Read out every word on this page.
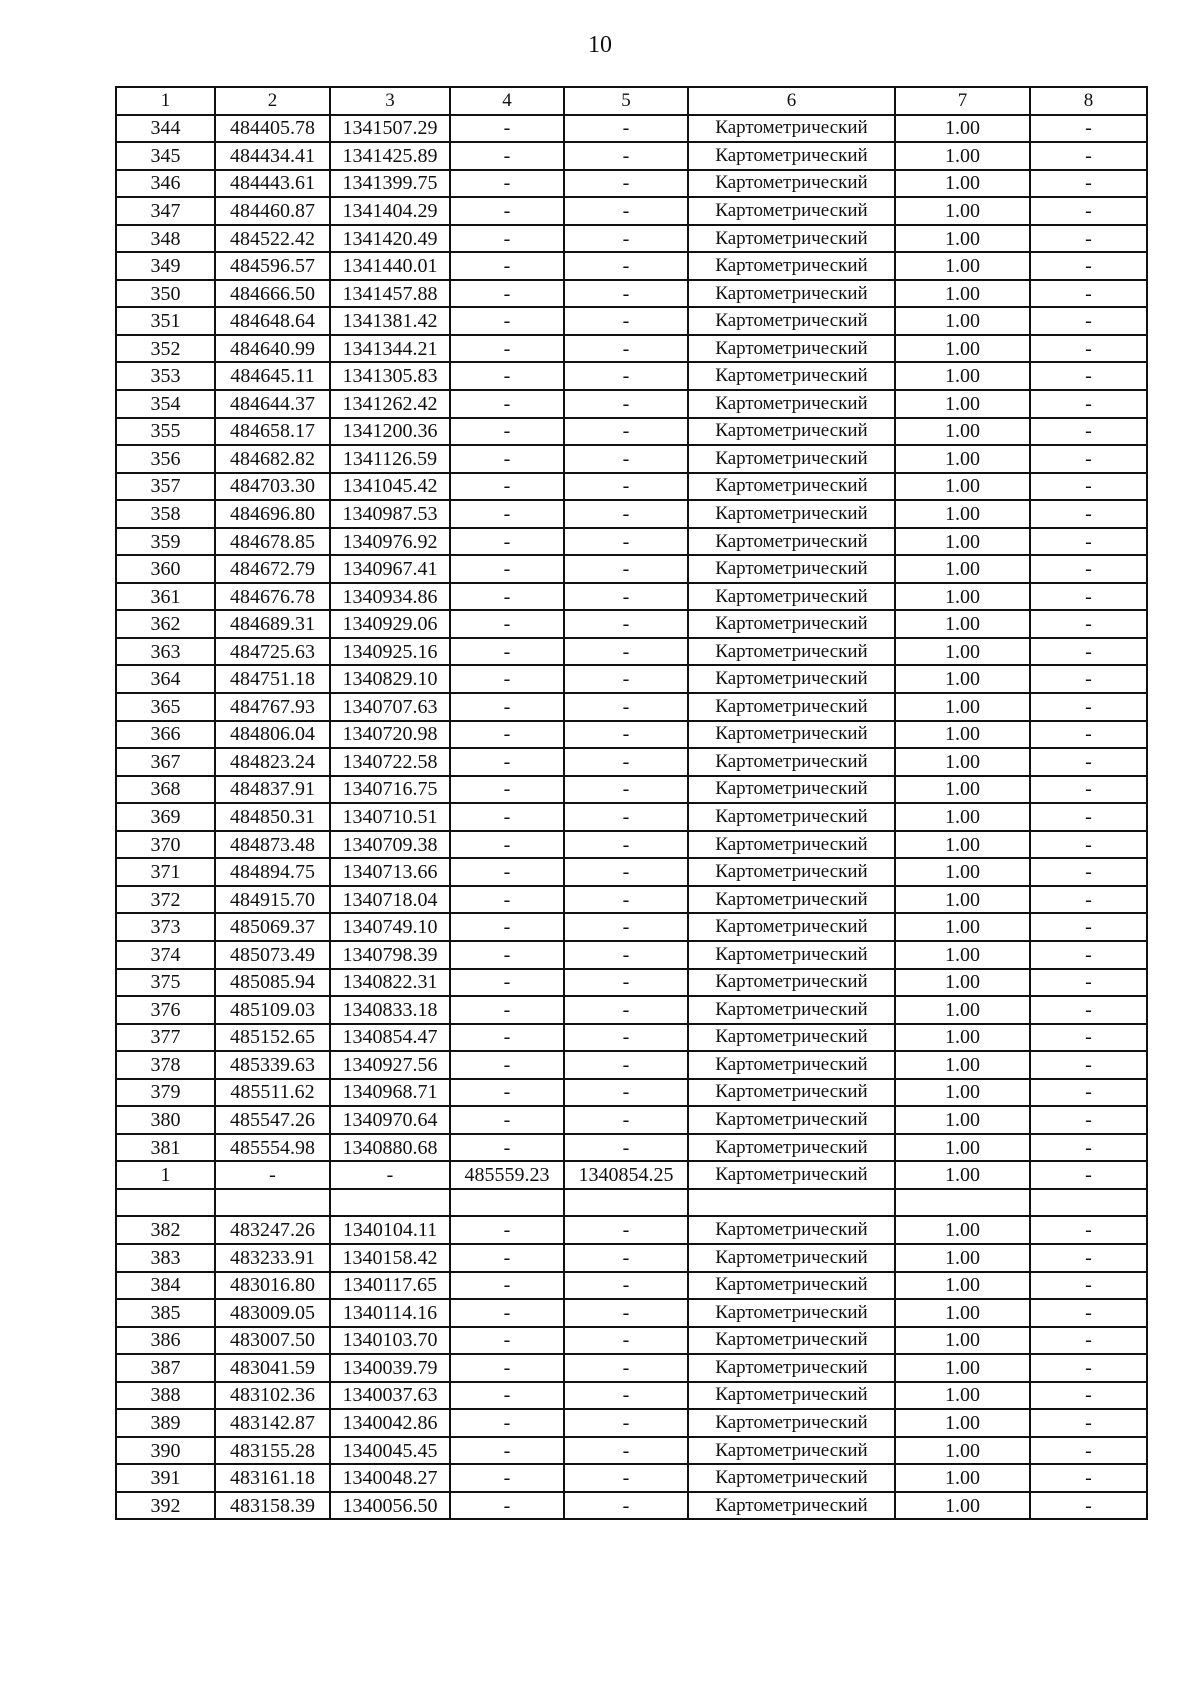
10
1	2	3	4	5	6	7	8
344	484405.78	1341507.29	-	-	Картометрический	1.00	-
345	484434.41	1341425.89	-	-	Картометрический	1.00	-
346	484443.61	1341399.75	-	-	Картометрический	1.00	-
347	484460.87	1341404.29	-	-	Картометрический	1.00	-
348	484522.42	1341420.49	-	-	Картометрический	1.00	-
349	484596.57	1341440.01	-	-	Картометрический	1.00	-
350	484666.50	1341457.88	-	-	Картометрический	1.00	-
351	484648.64	1341381.42	-	-	Картометрический	1.00	-
352	484640.99	1341344.21	-	-	Картометрический	1.00	-
353	484645.11	1341305.83	-	-	Картометрический	1.00	-
354	484644.37	1341262.42	-	-	Картометрический	1.00	-
355	484658.17	1341200.36	-	-	Картометрический	1.00	-
356	484682.82	1341126.59	-	-	Картометрический	1.00	-
357	484703.30	1341045.42	-	-	Картометрический	1.00	-
358	484696.80	1340987.53	-	-	Картометрический	1.00	-
359	484678.85	1340976.92	-	-	Картометрический	1.00	-
360	484672.79	1340967.41	-	-	Картометрический	1.00	-
361	484676.78	1340934.86	-	-	Картометрический	1.00	-
362	484689.31	1340929.06	-	-	Картометрический	1.00	-
363	484725.63	1340925.16	-	-	Картометрический	1.00	-
364	484751.18	1340829.10	-	-	Картометрический	1.00	-
365	484767.93	1340707.63	-	-	Картометрический	1.00	-
366	484806.04	1340720.98	-	-	Картометрический	1.00	-
367	484823.24	1340722.58	-	-	Картометрический	1.00	-
368	484837.91	1340716.75	-	-	Картометрический	1.00	-
369	484850.31	1340710.51	-	-	Картометрический	1.00	-
370	484873.48	1340709.38	-	-	Картометрический	1.00	-
371	484894.75	1340713.66	-	-	Картометрический	1.00	-
372	484915.70	1340718.04	-	-	Картометрический	1.00	-
373	485069.37	1340749.10	-	-	Картометрический	1.00	-
374	485073.49	1340798.39	-	-	Картометрический	1.00	-
375	485085.94	1340822.31	-	-	Картометрический	1.00	-
376	485109.03	1340833.18	-	-	Картометрический	1.00	-
377	485152.65	1340854.47	-	-	Картометрический	1.00	-
378	485339.63	1340927.56	-	-	Картометрический	1.00	-
379	485511.62	1340968.71	-	-	Картометрический	1.00	-
380	485547.26	1340970.64	-	-	Картометрический	1.00	-
381	485554.98	1340880.68	-	-	Картометрический	1.00	-
1	-	-	485559.23	1340854.25	Картометрический	1.00	-

382	483247.26	1340104.11	-	-	Картометрический	1.00	-
383	483233.91	1340158.42	-	-	Картометрический	1.00	-
384	483016.80	1340117.65	-	-	Картометрический	1.00	-
385	483009.05	1340114.16	-	-	Картометрический	1.00	-
386	483007.50	1340103.70	-	-	Картометрический	1.00	-
387	483041.59	1340039.79	-	-	Картометрический	1.00	-
388	483102.36	1340037.63	-	-	Картометрический	1.00	-
389	483142.87	1340042.86	-	-	Картометрический	1.00	-
390	483155.28	1340045.45	-	-	Картометрический	1.00	-
391	483161.18	1340048.27	-	-	Картометрический	1.00	-
392	483158.39	1340056.50	-	-	Картометрический	1.00	-
